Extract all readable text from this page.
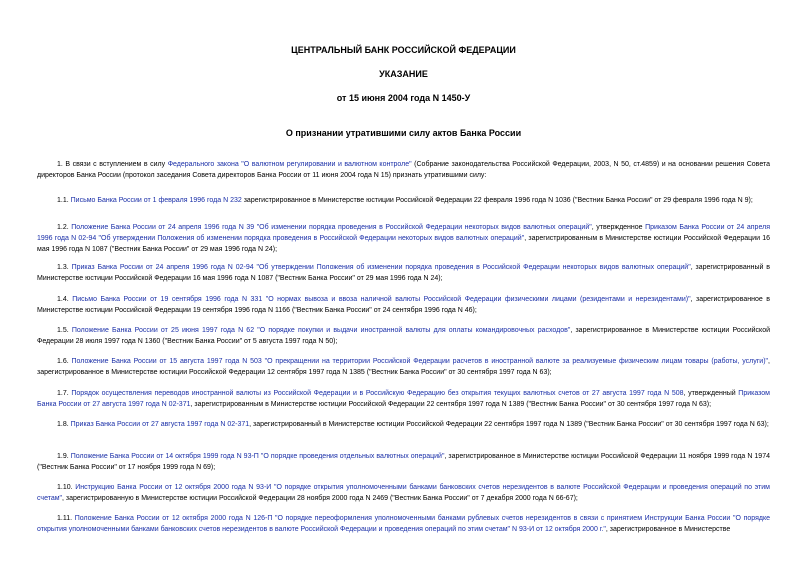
ЦЕНТРАЛЬНЫЙ БАНК РОССИЙСКОЙ ФЕДЕРАЦИИ
УКАЗАНИЕ
от 15 июня 2004 года N 1450-У
О признании утратившими силу актов Банка России

1. В связи с вступлением в силу Федерального закона "О валютном регулировании и валютном контроле" (Собрание законодательства Российской Федерации, 2003, N 50, ст.4859) и на основании решения Совета директоров Банка России (протокол заседания Совета директоров Банка России от 11 июня 2004 года N 15) признать утратившими силу:

1.1. Письмо Банка России от 1 февраля 1996 года N 232 зарегистрированное в Министерстве юстиции Российской Федерации 22 февраля 1996 года N 1036 ("Вестник Банка России" от 29 февраля 1996 года N 9);

1.2. Положение Банка России от 24 апреля 1996 года N 39 "Об изменении порядка проведения в Российской Федерации некоторых видов валютных операций", утвержденное Приказом Банка России от 24 апреля 1996 года N 02-94 "Об утверждении Положения об изменении порядка проведения в Российской Федерации некоторых видов валютных операций", зарегистрированным в Министерстве юстиции Российской Федерации 16 мая 1996 года N 1087 ("Вестник Банка России" от 29 мая 1996 года N 24);

1.3. Приказ Банка России от 24 апреля 1996 года N 02-94 "Об утверждении Положения об изменении порядка проведения в Российской Федерации некоторых видов валютных операций", зарегистрированный в Министерстве юстиции Российской Федерации 16 мая 1996 года N 1087 ("Вестник Банка России" от 29 мая 1996 года N 24);

1.4. Письмо Банка России от 19 сентября 1996 года N 331 "О нормах вывоза и ввоза наличной валюты Российской Федерации физическими лицами (резидентами и нерезидентами)", зарегистрированное в Министерстве юстиции Российской Федерации 19 сентября 1996 года N 1166 ("Вестник Банка России" от 24 сентября 1996 года N 46);

1.5. Положение Банка России от 25 июня 1997 года N 62 "О порядке покупки и выдачи иностранной валюты для оплаты командировочных расходов", зарегистрированное в Министерстве юстиции Российской Федерации 28 июля 1997 года N 1360 ("Вестник Банка России" от 5 августа 1997 года N 50);

1.6. Положение Банка России от 15 августа 1997 года N 503 "О прекращении на территории Российской Федерации расчетов в иностранной валюте за реализуемые физическим лицам товары (работы, услуги)", зарегистрированное в Министерстве юстиции Российской Федерации 12 сентября 1997 года N 1385 ("Вестник Банка России" от 30 сентября 1997 года N 63);

1.7. Порядок осуществления переводов иностранной валюты из Российской Федерации и в Российскую Федерацию без открытия текущих валютных счетов от 27 августа 1997 года N 508, утвержденный Приказом Банка России от 27 августа 1997 года N 02-371, зарегистрированным в Министерстве юстиции Российской Федерации 22 сентября 1997 года N 1389 ("Вестник Банка России" от 30 сентября 1997 года N 63);

1.8. Приказ Банка России от 27 августа 1997 года N 02-371, зарегистрированный в Министерстве юстиции Российской Федерации 22 сентября 1997 года N 1389 ("Вестник Банка России" от 30 сентября 1997 года N 63);

1.9. Положение Банка России от 14 октября 1999 года N 93-П "О порядке проведения отдельных валютных операций", зарегистрированное в Министерстве юстиции Российской Федерации 11 ноября 1999 года N 1974 ("Вестник Банка России" от 17 ноября 1999 года N 69);

1.10. Инструкцию Банка России от 12 октября 2000 года N 93-И "О порядке открытия уполномоченными банками банковских счетов нерезидентов в валюте Российской Федерации и проведения операций по этим счетам", зарегистрированную в Министерстве юстиции Российской Федерации 28 ноября 2000 года N 2469 ("Вестник Банка России" от 7 декабря 2000 года N 66-67);

1.11. Положение Банка России от 12 октября 2000 года N 126-П "О порядке переоформления уполномоченными банками рублевых счетов нерезидентов в связи с принятием Инструкции Банка России "О порядке открытия уполномоченными банками банковских счетов нерезидентов в валюте Российской Федерации и проведения операций по этим счетам" N 93-И от 12 октября 2000 г.", зарегистрированное в Министерстве
